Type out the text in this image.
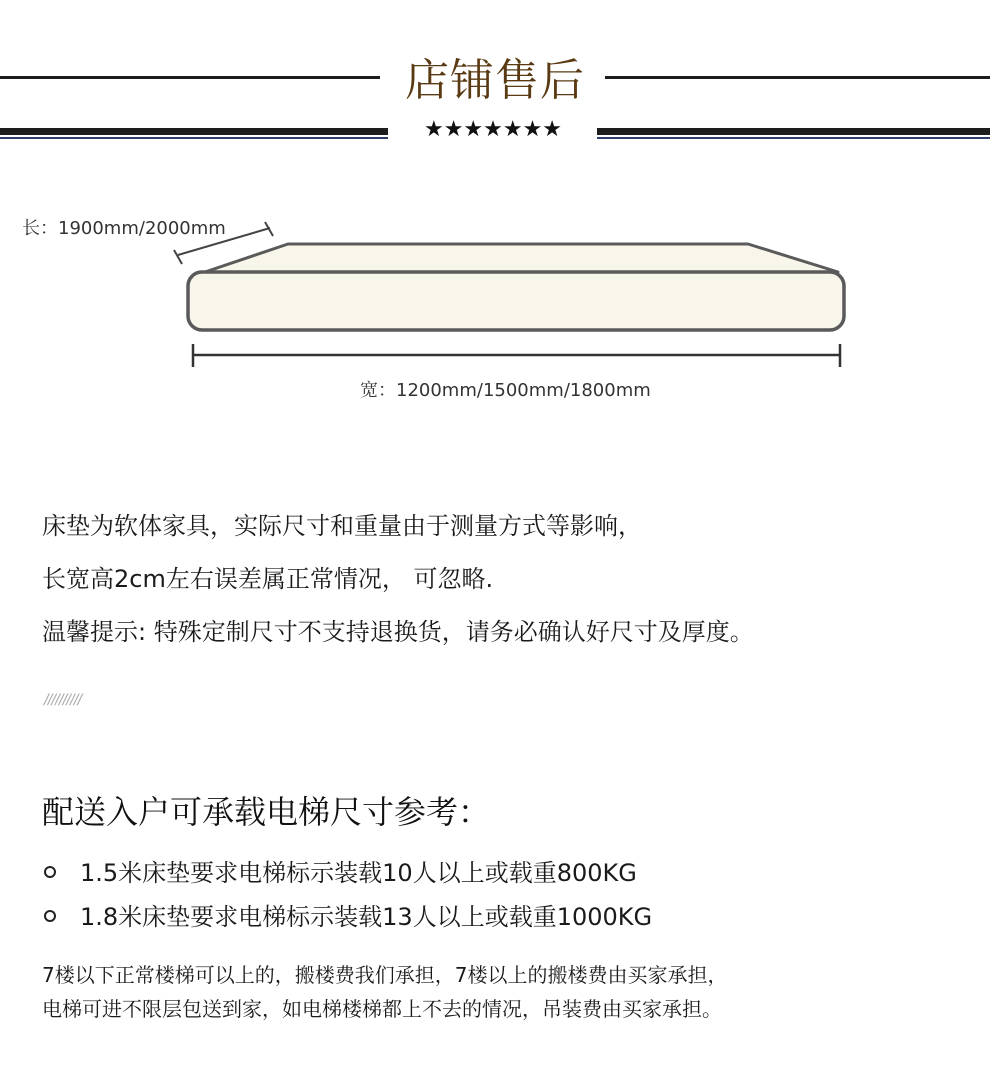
店铺售后
★★★★★★★
长：1900mm/2000mm
宽：1200mm/1500mm/1800mm
床垫为软体家具，实际尺寸和重量由于测量方式等影响，
长宽高2cm左右误差属正常情况， 可忽略.
温馨提示: 特殊定制尺寸不支持退换货，请务必确认好尺寸及厚度。
//////////
配送入户可承载电梯尺寸参考：
1.5米床垫要求电梯标示装载10人以上或载重800KG
1.8米床垫要求电梯标示装载13人以上或载重1000KG
7楼以下正常楼梯可以上的，搬楼费我们承担，7楼以上的搬楼费由买家承担，
电梯可进不限层包送到家，如电梯楼梯都上不去的情况，吊装费由买家承担。
